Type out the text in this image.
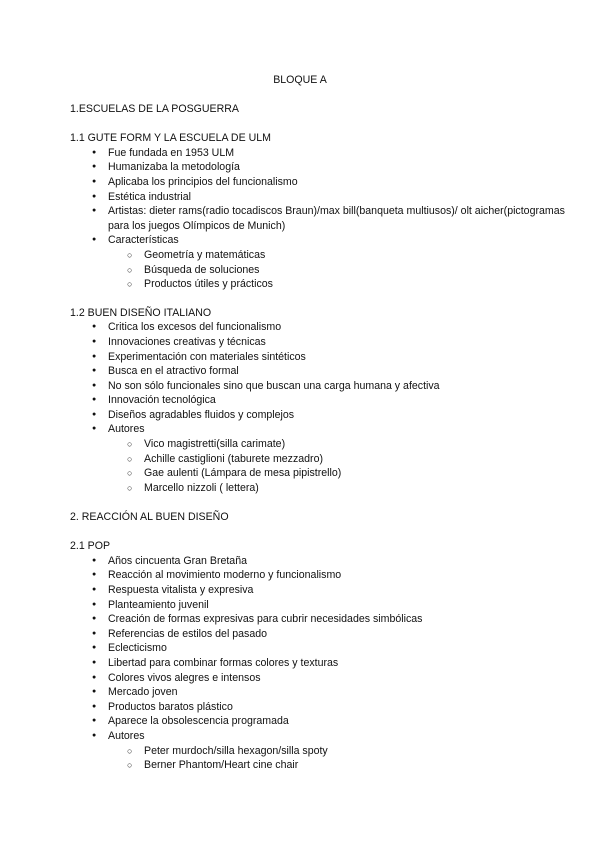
BLOQUE A
1.ESCUELAS DE LA POSGUERRA
1.1 GUTE FORM Y LA ESCUELA DE ULM
● Fue fundada en 1953 ULM
● Humanizaba la metodología
● Aplicaba los principios del funcionalismo
● Estética industrial
● Artistas: dieter rams(radio tocadiscos Braun)/max bill(banqueta multiusos)/ olt aicher(pictogramas para los juegos Olímpicos de Munich)
● Características
○ Geometría y matemáticas
○ Búsqueda de soluciones
○ Productos útiles y prácticos
1.2 BUEN DISEÑO ITALIANO
● Critica los excesos del funcionalismo
● Innovaciones creativas y técnicas
● Experimentación con materiales sintéticos
● Busca en el atractivo formal
● No son sólo funcionales sino que buscan una carga humana y afectiva
● Innovación tecnológica
● Diseños agradables fluidos y complejos
● Autores
○ Vico magistretti(silla carimate)
○ Achille castiglioni (taburete mezzadro)
○ Gae aulenti (Lámpara de mesa pipistrello)
○ Marcello nizzoli ( lettera)
2. REACCIÓN AL BUEN DISEÑO
2.1 POP
● Años cincuenta Gran Bretaña
● Reacción al movimiento moderno y funcionalismo
● Respuesta vitalista y expresiva
● Planteamiento juvenil
● Creación de formas expresivas para cubrir necesidades simbólicas
● Referencias de estilos del pasado
● Eclecticismo
● Libertad para combinar formas colores y texturas
● Colores vivos alegres e intensos
● Mercado joven
● Productos baratos plástico
● Aparece la obsolescencia programada
● Autores
○ Peter murdoch/silla hexagon/silla spoty
○ Berner Phantom/Heart cine chair
